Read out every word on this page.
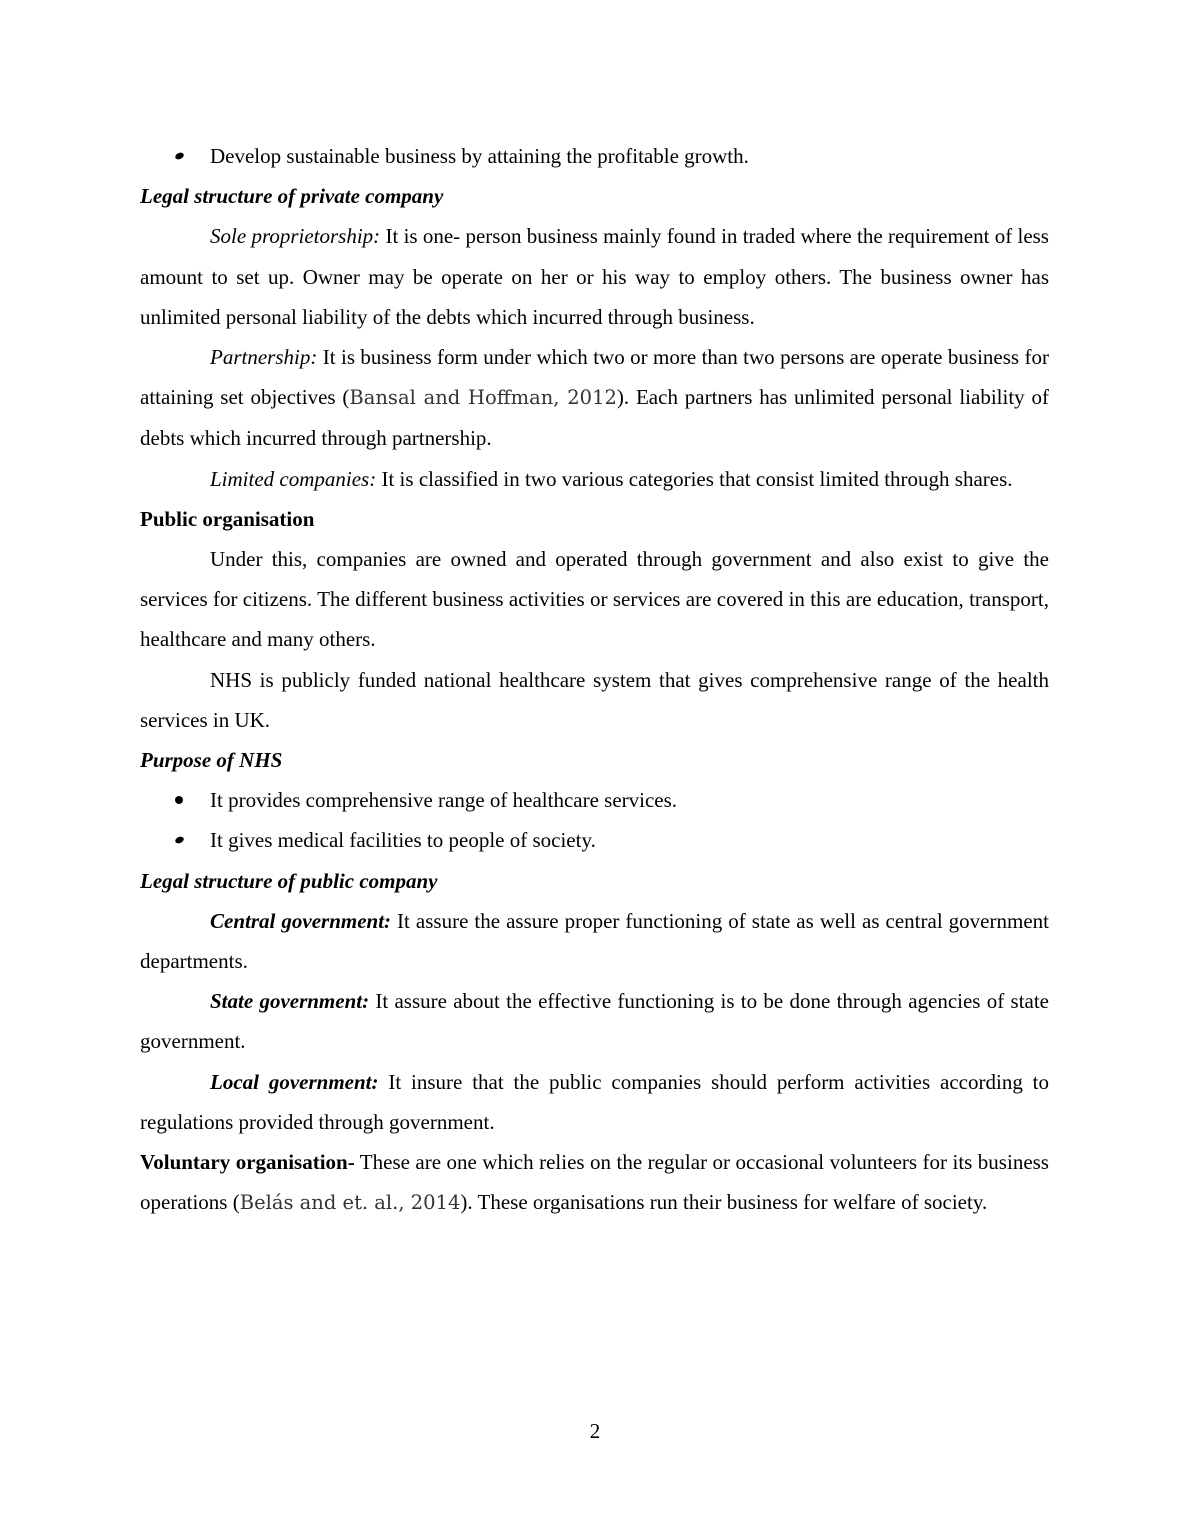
Develop sustainable business by attaining the profitable growth.

Legal structure of private company

Sole proprietorship: It is one- person business mainly found in traded where the requirement of less amount to set up. Owner may be operate on her or his way to employ others. The business owner has unlimited personal liability of the debts which incurred through business.

Partnership: It is business form under which two or more than two persons are operate business for attaining set objectives (Bansal and Hoffman, 2012). Each partners has unlimited personal liability of debts which incurred through partnership.

Limited companies: It is classified in two various categories that consist limited through shares.

Public organisation

Under this, companies are owned and operated through government and also exist to give the services for citizens. The different business activities or services are covered in this are education, transport, healthcare and many others.

NHS is publicly funded national healthcare system that gives comprehensive range of the health services in UK.

Purpose of NHS

It provides comprehensive range of healthcare services.
It gives medical facilities to people of society.

Legal structure of public company

Central government: It assure the assure proper functioning of state as well as central government departments.

State government: It assure about the effective functioning is to be done through agencies of state government.

Local government: It insure that the public companies should perform activities according to regulations provided through government.

Voluntary organisation- These are one which relies on the regular or occasional volunteers for its business operations (Belás and et. al., 2014). These organisations run their business for welfare of society.

2
